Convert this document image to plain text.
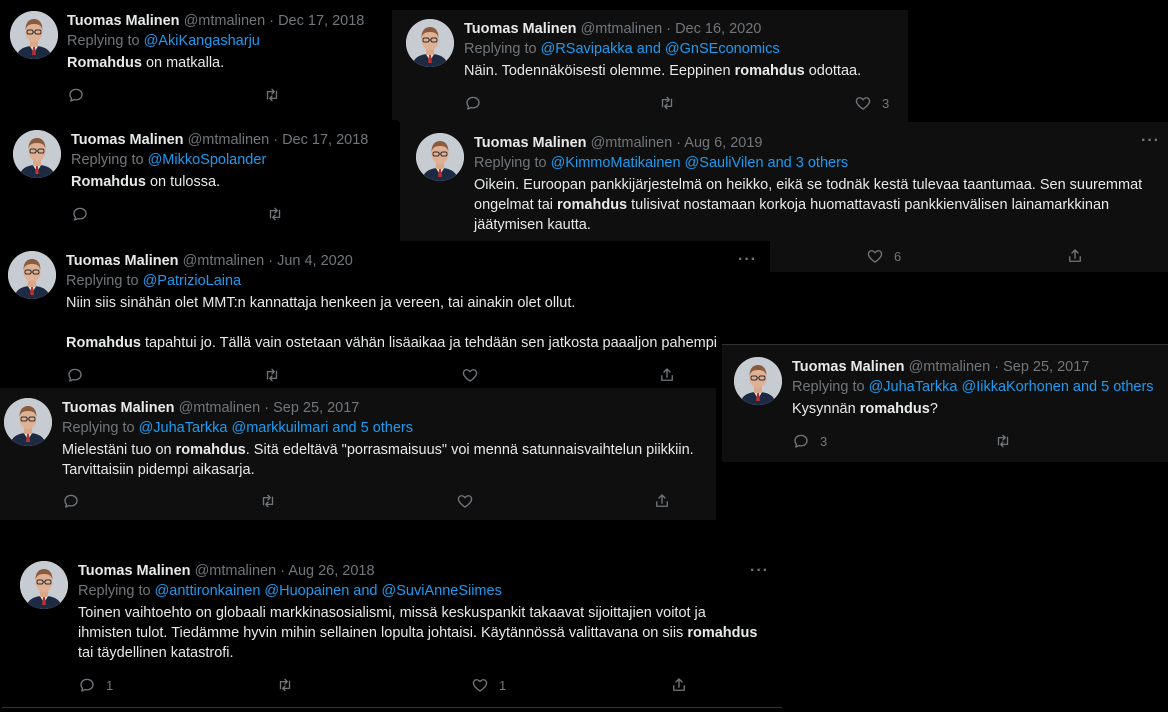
Tuomas Malinen @mtmalinen · Dec 17, 2018
Replying to @AkiKangasharju
Romahdus on matkalla.
Tuomas Malinen @mtmalinen · Dec 16, 2020
Replying to @RSavipakka and @GnSEconomics
Näin. Todennäköisesti olemme. Eeppinen romahdus odottaa.
3
Tuomas Malinen @mtmalinen · Dec 17, 2018
Replying to @MikkoSpolander
Romahdus on tulossa.
Tuomas Malinen @mtmalinen · Aug 6, 2019
Replying to @KimmoMatikainen @SauliVilen and 3 others
Oikein. Euroopan pankkijärjestelmä on heikko, eikä se todnäk kestä tulevaa taantumaa. Sen suuremmat ongelmat tai romahdus tulisivat nostamaan korkoja huomattavasti pankkienvälisen lainamarkkinan jäätymisen kautta.
···
6
Tuomas Malinen @mtmalinen · Jun 4, 2020
Replying to @PatrizioLaina
Niin siis sinähän olet MMT:n kannattaja henkeen ja vereen, tai ainakin olet ollut.
Romahdus tapahtui jo. Tällä vain ostetaan vähän lisäaikaa ja tehdään sen jatkosta paaaljon pahempi
···
Tuomas Malinen @mtmalinen · Sep 25, 2017
Replying to @JuhaTarkka @IikkaKorhonen and 5 others
Kysynnän romahdus?
3
Tuomas Malinen @mtmalinen · Sep 25, 2017
Replying to @JuhaTarkka @markkuilmari and 5 others
Mielestäni tuo on romahdus. Sitä edeltävä "porrasmaisuus" voi mennä satunnaisvaihtelun piikkiin. Tarvittaisiin pidempi aikasarja.
Tuomas Malinen @mtmalinen · Aug 26, 2018
Replying to @anttironkainen @Huopainen and @SuviAnneSiimes
Toinen vaihtoehto on globaali markkinasosialismi, missä keskuspankit takaavat sijoittajien voitot ja ihmisten tulot. Tiedämme hyvin mihin sellainen lopulta johtaisi. Käytännössä valittavana on siis romahdus tai täydellinen katastrofi.
···
1	1
